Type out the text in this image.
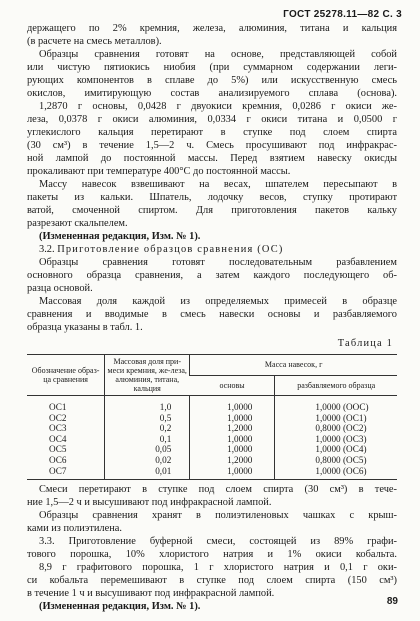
ГОСТ 25278.11—82 С. 3
держащего по 2% кремния, железа, алюминия, титана и кальция
(в расчете на смесь металлов).
Образцы сравнения готовят на основе, представляющей собой
или чистую пятиокись ниобия (при суммарном содержании леги-
рующих компонентов в сплаве до 5%) или искусственную смесь
окислов, имитирующую состав анализируемого сплава (основа).
1,2870 г основы, 0,0428 г двуокиси кремния, 0,0286 г окиси же-
леза, 0,0378 г окиси алюминия, 0,0334 г окиси титана и 0,0500 г
углекислого кальция перетирают в ступке под слоем спирта
(30 см³) в течение 1,5—2 ч. Смесь просушивают под инфракрас-
ной лампой до постоянной массы. Перед взятием навеску окисды
прокаливают при температуре 400°С до постоянной массы.
Массу навесок взвешивают на весах, шпателем пересыпают в
пакеты из кальки. Шпатель, лодочку весов, ступку протирают
ватой, смоченной спиртом. Для приготовления пакетов кальку
разрезают скальпелем.
(Измененная редакция, Изм. № 1).
3.2. Приготовление образцов сравнения (ОС)
Образцы сравнения готовят последовательным разбавлением
основного образца сравнения, а затем каждого последующего об-
разца основой.
Массовая доля каждой из определяемых примесей в образце
сравнения и вводимые в смесь навески основы и разбавляемого
образца указаны в табл. 1.
Таблица 1
Обозначение образ-ца сравнения	Массовая доля при-меси кремния, же-леза, алюминия, титана, кальция	Масса навесок, г	
		основы	разбавляемого образца
ОС1	1,0	1,0000	1,0000 (ООС)
ОС2	0,5	1,0000	1,0000 (ОС1)
ОС3	0,2	1,2000	0,8000 (ОС2)
ОС4	0,1	1,0000	1,0000 (ОС3)
ОС5	0,05	1,0000	1,0000 (ОС4)
ОС6	0,02	1,2000	0,8000 (ОС5)
ОС7	0,01	1,0000	1,0000 (ОС6)
Смеси перетирают в ступке под слоем спирта (30 см³) в тече-
ние 1,5—2 ч и высушивают под инфракрасной лампой.
Образцы сравнения хранят в полиэтиленовых чашках с крыш-
ками из полиэтилена.
3.3. Приготовление буферной смеси, состоящей из 89% графи-
тового порошка, 10% хлористого натрия и 1% окиси кобальта.
8,9 г графитового порошка, 1 г хлористого натрия и 0,1 г оки-
си кобальта перемешивают в ступке под слоем спирта (150 см³)
в течение 1 ч и высушивают под инфракрасной лампой.
(Измененная редакция, Изм. № 1).	89
